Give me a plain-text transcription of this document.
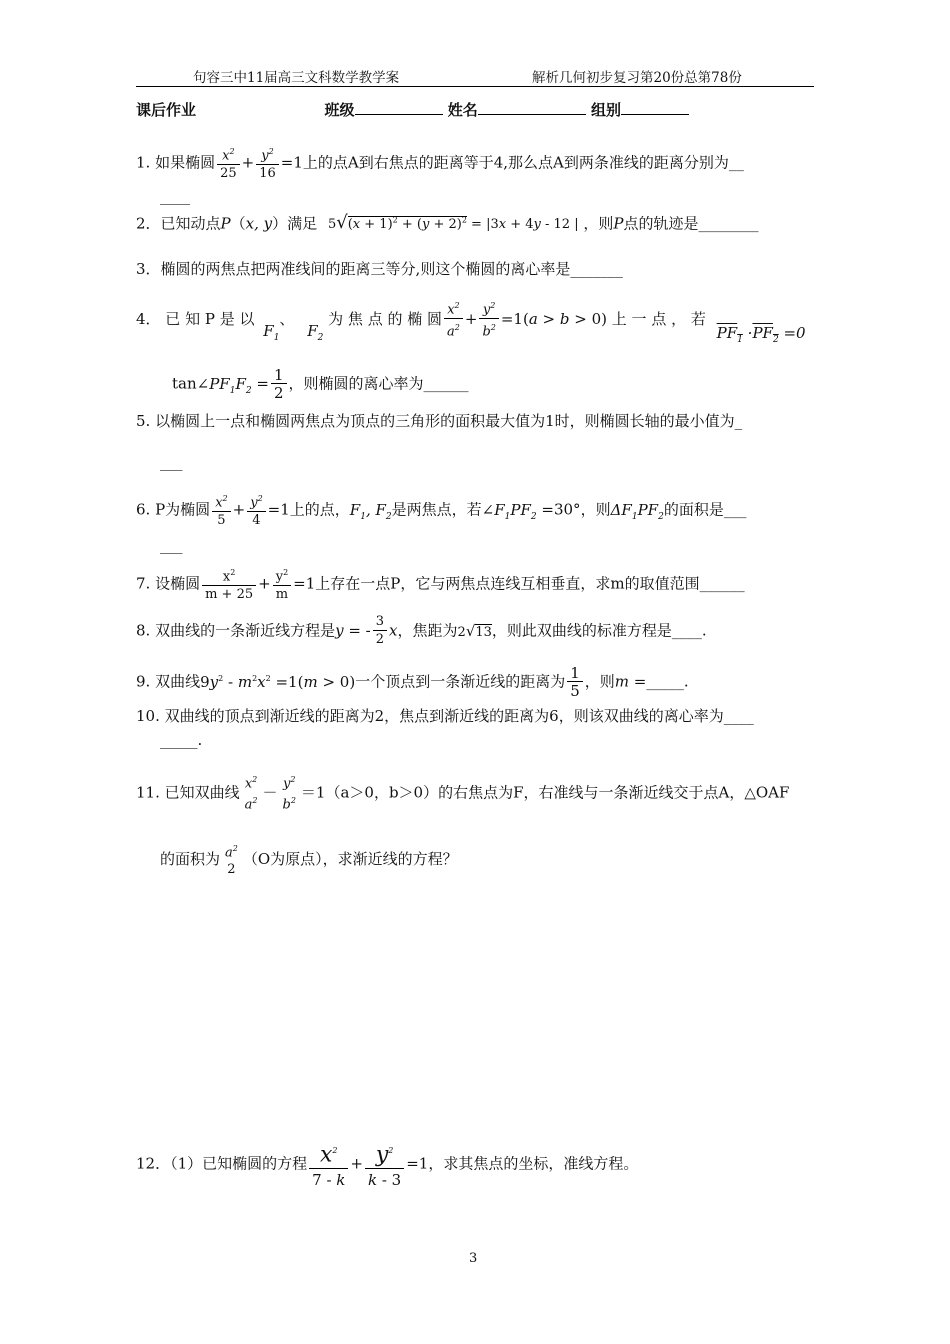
句容三中11届高三文科数学教学案	解析几何初步复习第20份总第78份
课后作业	班级	姓名	组别
1. 如果椭圆 $\frac{x^2}{25} + \frac{y^2}{16} =1$上的点A到右焦点的距离等于4,那么点A到两条准线的距离分别为__
____
2．已知动点P（x, y）满足 $5√(x + 1)^2 + (y + 2)^2 = |3x + 4y - 12$ | ，则P点的轨迹是________
3．椭圆的两焦点把两准线间的距离三等分,则这个椭圆的离心率是_______
4． 已 知 P 是 以 $F_1$、 $F_2$ 为 焦 点 的 椭 圆 $\frac{x^2}{a^2} + \frac{y^2}{b^2} =1(a > b > 0)$ 上 一 点 ， 若 $PF_1 \cdot PF_2 =0$
$\tan\angle PF_1F_2 = \frac{1}{2}$ ，则椭圆的离心率为______
5. 以椭圆上一点和椭圆两焦点为顶点的三角形的面积最大值为1时，则椭圆长轴的最小值为_
___
6. P为椭圆 $\frac{x^2}{5} + \frac{y^2}{4} =1$上的点，$F_1$, $F_2$是两焦点，若$\angle F_1PF_2 =30^\circ$，则$\Delta F_1PF_2$的面积是___
___
7. 设椭圆 $\frac{x^2}{m + 25} + \frac{y^2}{m} =1$上存在一点P，它与两焦点连线互相垂直，求m的取值范围______
8. 双曲线的一条渐近线方程是y = - $\frac{3}{2}$ x，焦距为2√13，则此双曲线的标准方程是____.
9. 双曲线$9y^2 - m^2x^2 =1(m > 0)$一个顶点到一条渐近线的距离为 $\frac{1}{5}$ ，则m =_____.
10. 双曲线的顶点到渐近线的距离为2，焦点到渐近线的距离为6，则该双曲线的离心率为____
_____.
11. 已知双曲线 $x^2$
$a^2 - y^2$
$b^2 =1(a>0$，b＞0）的右焦点为F，右准线与一条渐近线交于点A，△OAF
的面积为 $a^2$
2
（O为原点），求渐近线的方程？
12．（1）已知椭圆的方程 $x^2$
7 - k
+ $y^2$
k - 3
=1，求其焦点的坐标，准线方程。
3
